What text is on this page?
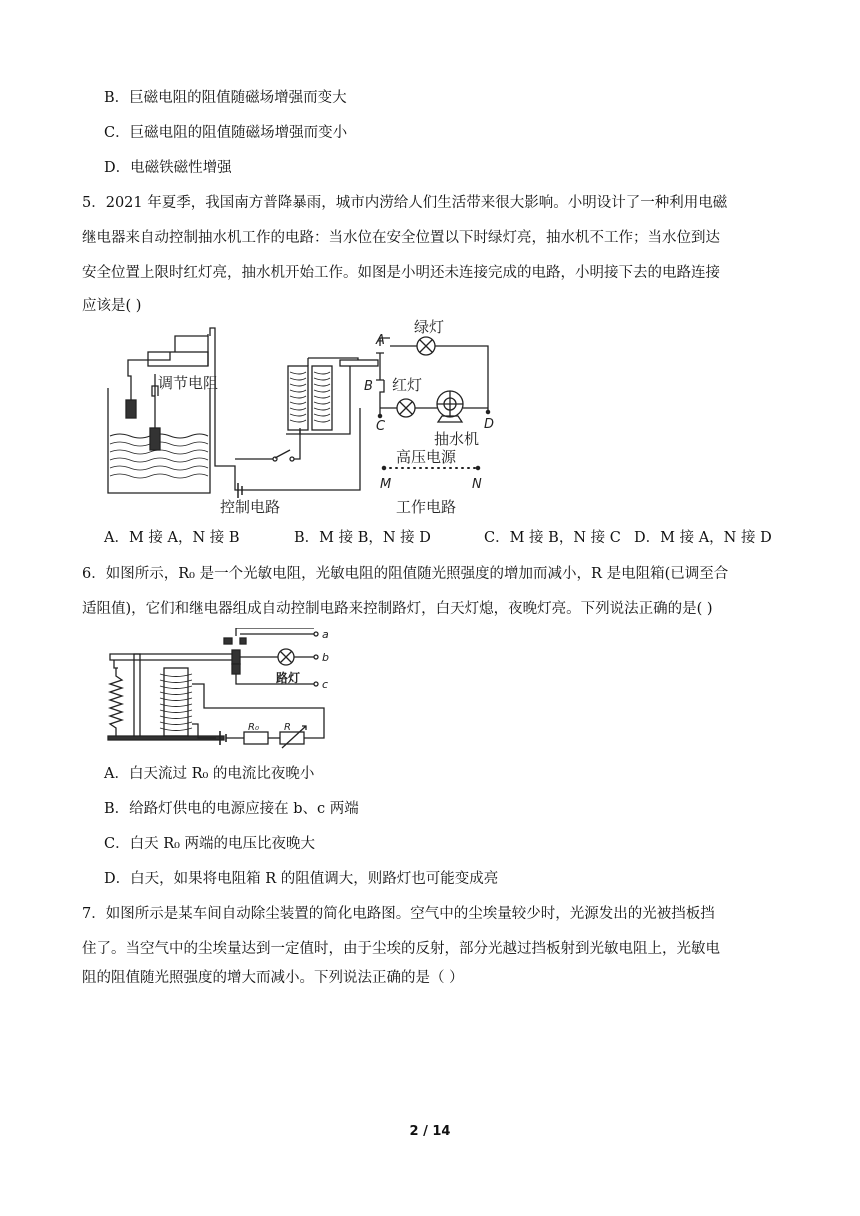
B．巨磁电阻的阻值随磁场增强而变大
C．巨磁电阻的阻值随磁场增强而变小
D．电磁铁磁性增强
5．2021 年夏季，我国南方普降暴雨，城市内涝给人们生活带来很大影响。小明设计了一种利用电磁
继电器来自动控制抽水机工作的电路：当水位在安全位置以下时绿灯亮，抽水机不工作；当水位到达
安全位置上限时红灯亮，抽水机开始工作。如图是小明还未连接完成的电路，小明接下去的电路连接
应该是( )
调节电阻
控制电路
绿灯
红灯
抽水机
高压电源
工作电路
A
B
C	D
M	N
A．M 接 A，N 接 B	B．M 接 B，N 接 D	C．M 接 B，N 接 C D．M 接 A，N 接 D
6．如图所示，R₀ 是一个光敏电阻，光敏电阻的阻值随光照强度的增加而减小，R 是电阻箱(已调至合
适阻值)，它们和继电器组成自动控制电路来控制路灯，白天灯熄，夜晚灯亮。下列说法正确的是( )
a
b
c
R
R₀
路灯
A．白天流过 R₀ 的电流比夜晚小
B．给路灯供电的电源应接在 b、c 两端
C．白天 R₀ 两端的电压比夜晚大
D．白天，如果将电阻箱 R 的阻值调大，则路灯也可能变成亮
7．如图所示是某车间自动除尘装置的简化电路图。空气中的尘埃量较少时，光源发出的光被挡板挡
住了。当空气中的尘埃量达到一定值时，由于尘埃的反射，部分光越过挡板射到光敏电阻上，光敏电
阻的阻值随光照强度的增大而减小。下列说法正确的是（ ）
2 / 14
